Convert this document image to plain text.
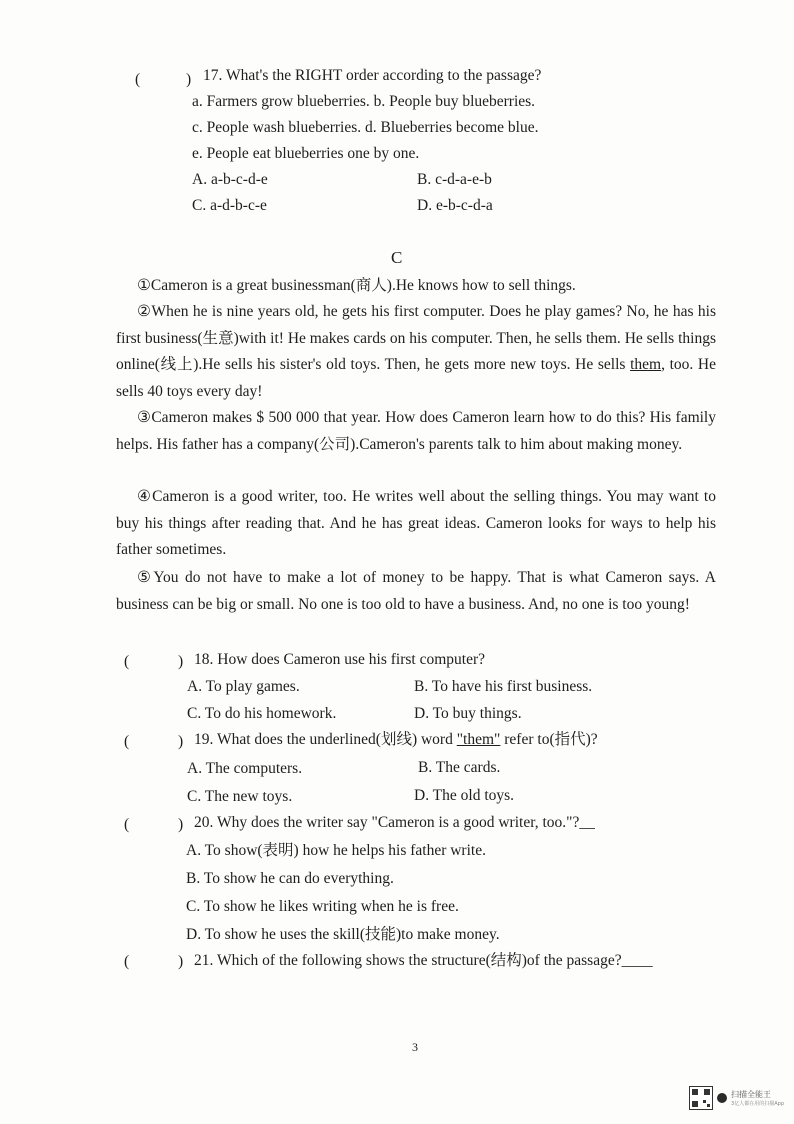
(	) 17. What's the RIGHT order according to the passage?
a. Farmers grow blueberries. b. People buy blueberries.
c. People wash blueberries. d. Blueberries become blue.
e. People eat blueberries one by one.
A. a-b-c-d-e	B. c-d-a-e-b
C. a-d-b-c-e	D. e-b-c-d-a
C
①Cameron is a great businessman(商人).He knows how to sell things.
②When he is nine years old, he gets his first computer. Does he play games? No, he has his first business(生意)with it! He makes cards on his computer. Then, he sells them. He sells things online(线上).He sells his sister's old toys. Then, he gets more new toys. He sells them, too. He sells 40 toys every day!
③Cameron makes $ 500 000 that year. How does Cameron learn how to do this? His family helps. His father has a company(公司).Cameron's parents talk to him about making money.
④Cameron is a good writer, too. He writes well about the selling things. You may want to buy his things after reading that. And he has great ideas. Cameron looks for ways to help his father sometimes.
⑤You do not have to make a lot of money to be happy. That is what Cameron says. A business can be big or small. No one is too old to have a business. And, no one is too young!
(	) 18. How does Cameron use his first computer?
A. To play games.	B. To have his first business.
C. To do his homework.	D. To buy things.
(	) 19. What does the underlined(划线) word "them" refer to(指代)?
A. The computers.	B. The cards.
C. The new toys.	D. The old toys.
(	) 20. Why does the writer say "Cameron is a good writer, too."?__
A. To show(表明) how he helps his father write.
B. To show he can do everything.
C. To show he likes writing when he is free.
D. To show he uses the skill(技能)to make money.
(	) 21. Which of the following shows the structure(结构)of the passage?____
3
扫描全能王
3亿人都在用的扫描App
